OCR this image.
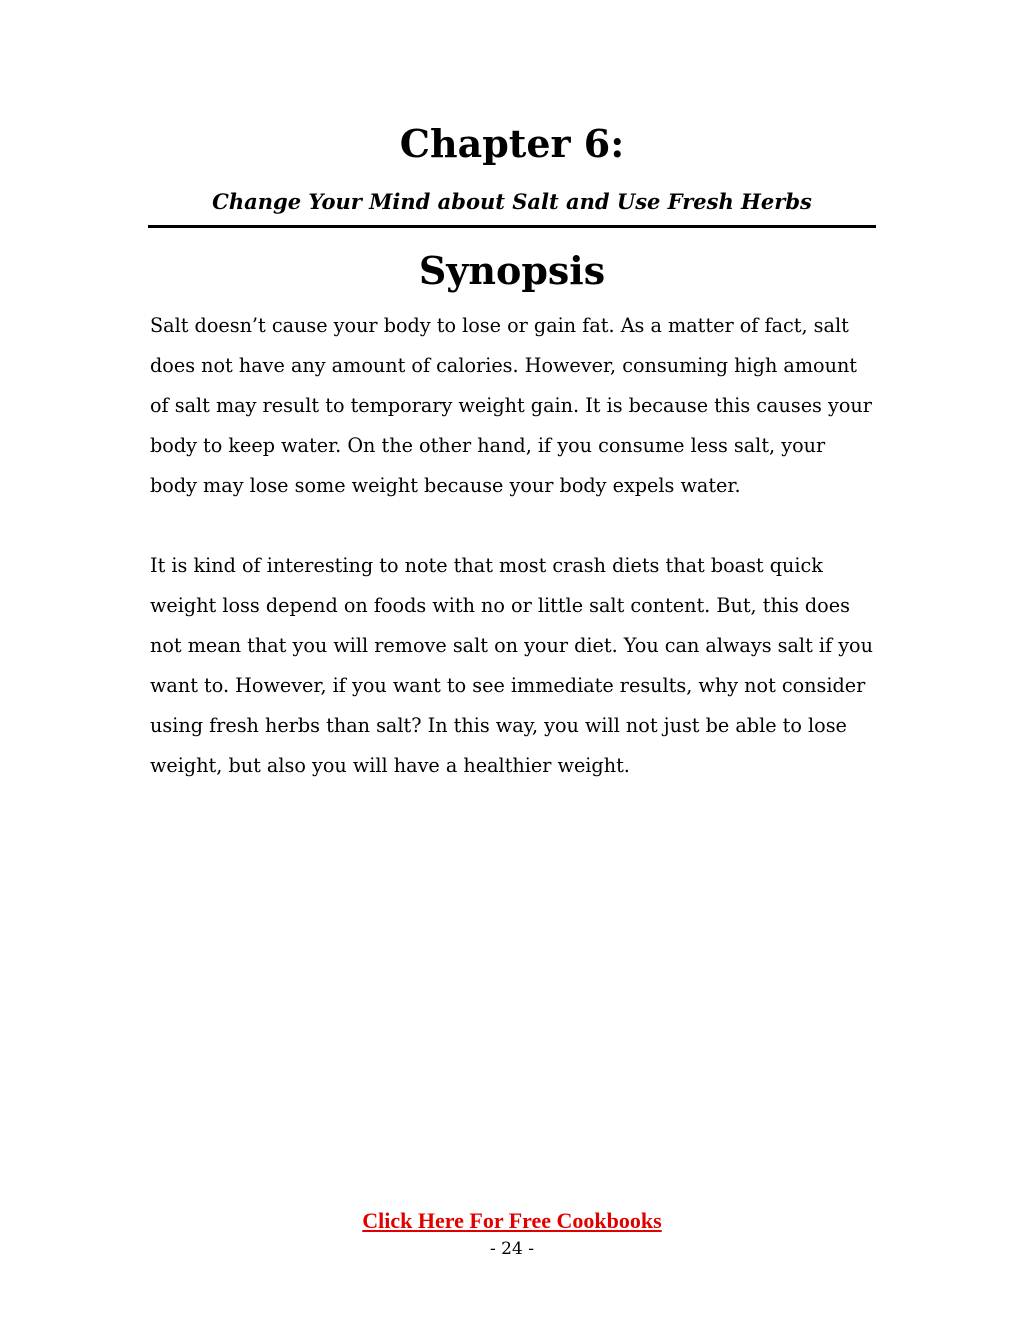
Chapter 6:
Change Your Mind about Salt and Use Fresh Herbs
Synopsis

Salt doesn’t cause your body to lose or gain fat. As a matter of fact, salt does not have any amount of calories. However, consuming high amount of salt may result to temporary weight gain. It is because this causes your body to keep water. On the other hand, if you consume less salt, your body may lose some weight because your body expels water.

It is kind of interesting to note that most crash diets that boast quick weight loss depend on foods with no or little salt content. But, this does not mean that you will remove salt on your diet. You can always salt if you want to. However, if you want to see immediate results, why not consider using fresh herbs than salt? In this way, you will not just be able to lose weight, but also you will have a healthier weight.

Click Here For Free Cookbooks
- 24 -
